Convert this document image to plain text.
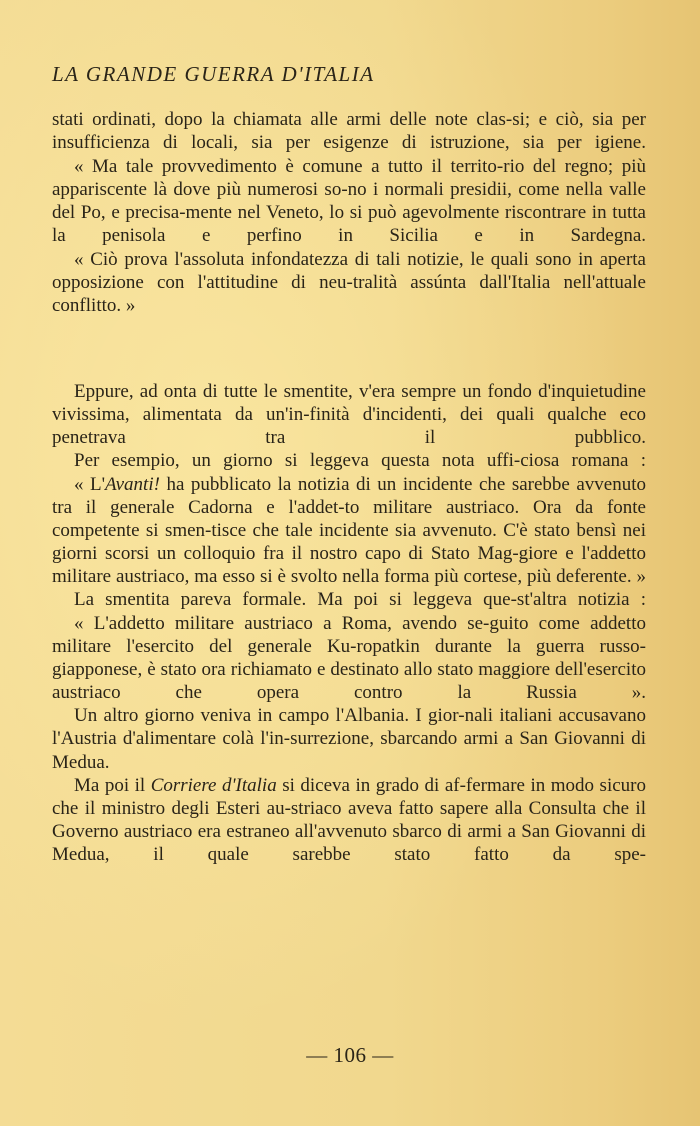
LA GRANDE GUERRA D'ITALIA

stati ordinati, dopo la chiamata alle armi delle note clas-si; e ciò, sia per insufficienza di locali, sia per esigenze di istruzione, sia per igiene.

« Ma tale provvedimento è comune a tutto il territo-rio del regno; più appariscente là dove più numerosi so-no i normali presidii, come nella valle del Po, e precisa-mente nel Veneto, lo si può agevolmente riscontrare in tutta la penisola e perfino in Sicilia e in Sardegna.

« Ciò prova l'assoluta infondatezza di tali notizie, le quali sono in aperta opposizione con l'attitudine di neu-tralità assúnta dall'Italia nell'attuale conflitto. »

Eppure, ad onta di tutte le smentite, v'era sempre un fondo d'inquietudine vivissima, alimentata da un'in-finità d'incidenti, dei quali qualche eco penetrava tra il pubblico.

Per esempio, un giorno si leggeva questa nota uffi-ciosa romana :

« L'Avanti! ha pubblicato la notizia di un incidente che sarebbe avvenuto tra il generale Cadorna e l'addet-to militare austriaco. Ora da fonte competente si smen-tisce che tale incidente sia avvenuto. C'è stato bensì nei giorni scorsi un colloquio fra il nostro capo di Stato Mag-giore e l'addetto militare austriaco, ma esso si è svolto nella forma più cortese, più deferente. »

La smentita pareva formale. Ma poi si leggeva que-st'altra notizia :

« L'addetto militare austriaco a Roma, avendo se-guito come addetto militare l'esercito del generale Ku-ropatkin durante la guerra russo-giapponese, è stato ora richiamato e destinato allo stato maggiore dell'esercito austriaco che opera contro la Russia ».

Un altro giorno veniva in campo l'Albania. I gior-nali italiani accusavano l'Austria d'alimentare colà l'in-surrezione, sbarcando armi a San Giovanni di Medua.

Ma poi il Corriere d'Italia si diceva in grado di af-fermare in modo sicuro che il ministro degli Esteri au-striaco aveva fatto sapere alla Consulta che il Governo austriaco era estraneo all'avvenuto sbarco di armi a San Giovanni di Medua, il quale sarebbe stato fatto da spe-

— 106 —
